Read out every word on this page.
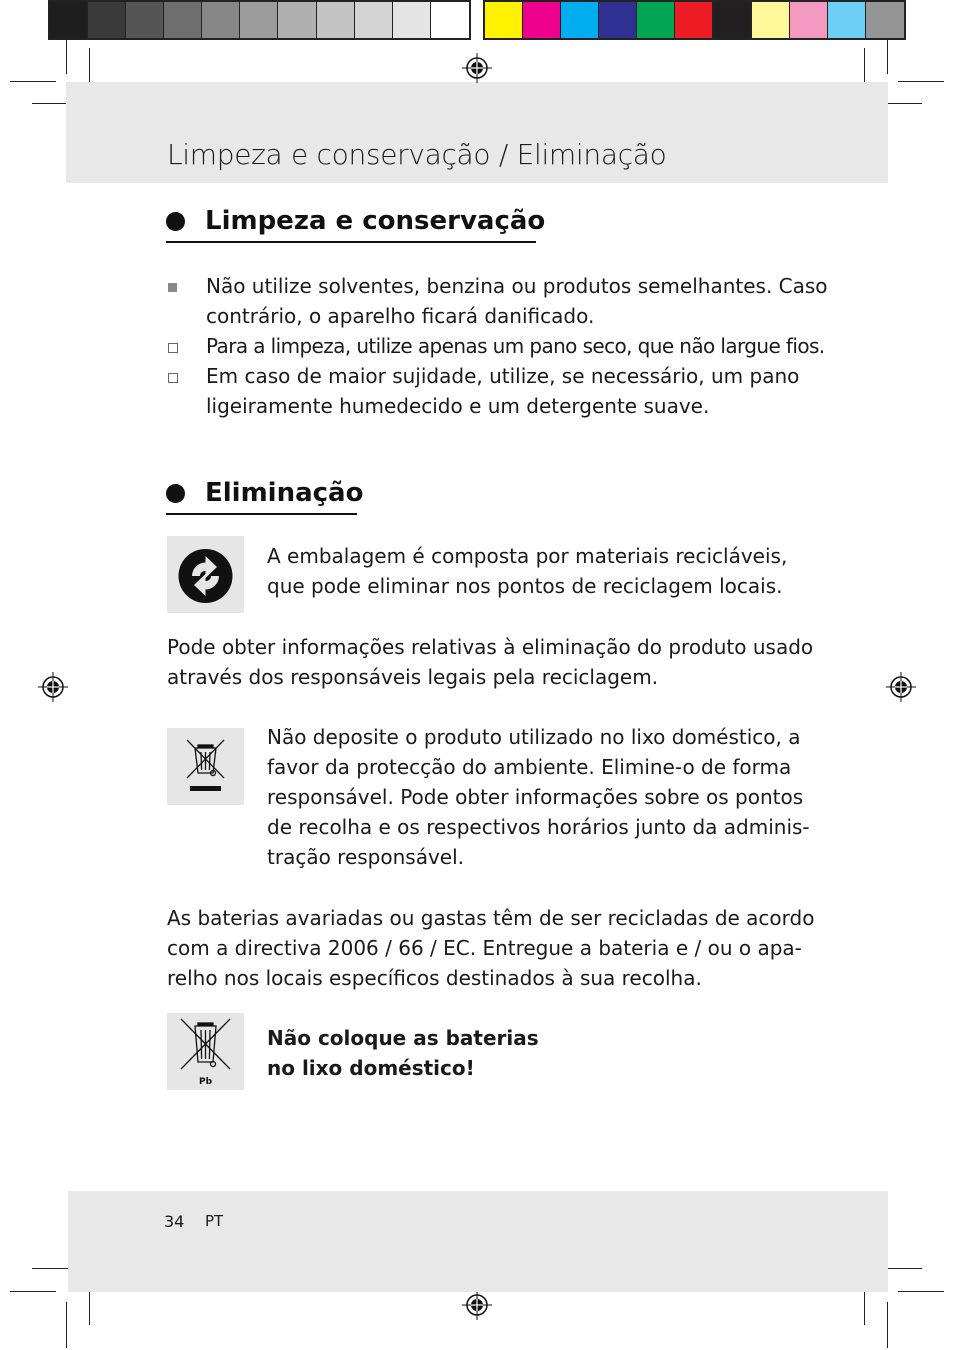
Limpeza e conservação / Eliminação
Limpeza e conservação
Não utilize solventes, benzina ou produtos semelhantes. Caso
contrário, o aparelho ficará danificado.
Para a limpeza, utilize apenas um pano seco, que não largue fios.
Em caso de maior sujidade, utilize, se necessário, um pano
ligeiramente humedecido e um detergente suave.
Eliminação
A embalagem é composta por materiais recicláveis,
que pode eliminar nos pontos de reciclagem locais.
Pode obter informações relativas à eliminação do produto usado
através dos responsáveis legais pela reciclagem.
Não deposite o produto utilizado no lixo doméstico, a
favor da protecção do ambiente. Elimine-o de forma
responsável. Pode obter informações sobre os pontos
de recolha e os respectivos horários junto da adminis-
tração responsável.
As baterias avariadas ou gastas têm de ser recicladas de acordo
com a directiva 2006 / 66 / EC. Entregue a bateria e / ou o apa-
relho nos locais específicos destinados à sua recolha.
Pb
Não coloque as baterias
no lixo doméstico!
34 PT
